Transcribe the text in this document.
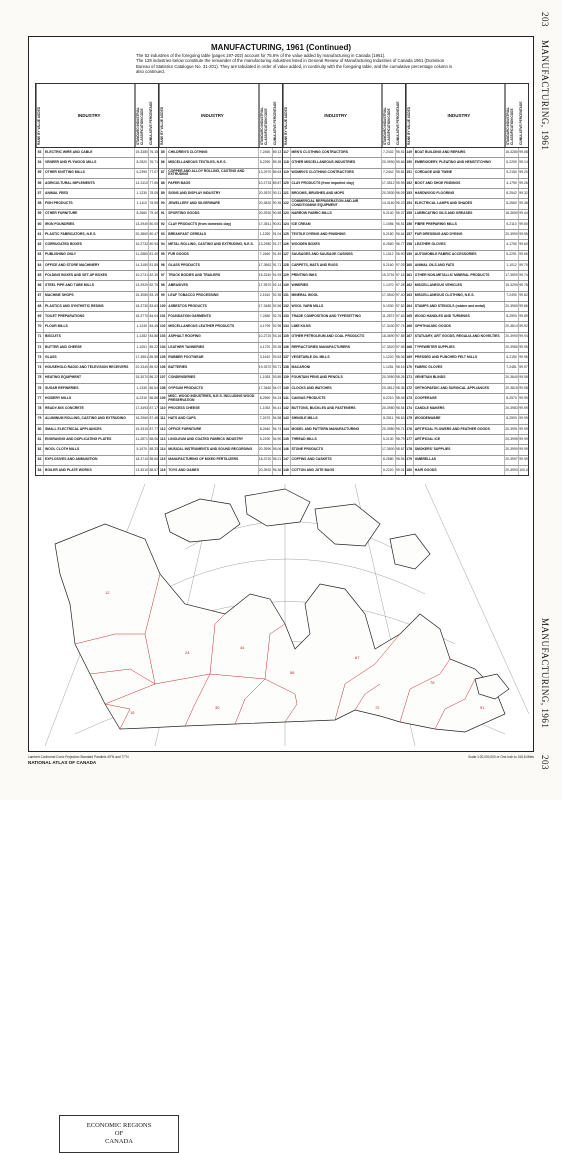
203
MANUFACTURING, 1961
MANUFACTURING, 1961
203
MANUFACTURING, 1961 (Continued)

The 52 industries of the foregoing table (pages 197-202) account for 75.6% of the value added by manufacturing in Canada (1961).

The 128 industries below constitute the remainder of the manufacturing industries listed in General Review of Manufacturing Industries of Canada 1961 (Dominion Bureau of Statistics Catalogue No. 31-201). They are tabulated in order of value added, in continuity with the foregoing table, and the cumulative percentage column is also continued.

RANK BY VALUE ADDED	INDUSTRY	STANDARD INDUSTRIAL CLASSIFICATION CODE	CUMULATIVE PERCENTAGE
53	ELECTRIC WIRE AND CABLE	19-3380 76.15
54	VENEER AND PLYWOOD MILLS	8-2520 76.71
55	OTHER KNITTING MILLS	6-2390 77.07
56	AGRICULTURAL IMPLEMENTS	14-3110 77.65
57	ANIMAL FEED	1-1230 78.05
58	FISH PRODUCTS	1-1110 78.55
59	OTHER FURNITURE	8-2660 79.40
60	IRON FOUNDRIES	13-2940 80.00
61	PLASTIC FABRICATORS, N.E.S.	20-3860 80.47
62	CORRUGATED BOXES	10-2732 80.94
63	PUBLISHING ONLY	11-2880 81.40
64	OFFICE AND STORE MACHINERY	14-3180 81.85
65	FOLDING BOXES AND SET-UP BOXES	10-2731 82.30
66	STEEL PIPE AND TUBE MILLS	13-2920 82.75
67	MACHINE SHOPS	15-3080 83.19
68	PLASTICS AND SYNTHETIC RESINS	18-3730 83.63
69	TOILET PREPARATIONS	18-3770 84.04
70	FLOUR MILLS	1-1240 84.45
71	BISCUITS	1-1282 84.86
72	BUTTER AND CHEESE	1-1051 85.22
73	GLASS	17-3561 85.58
74	HOUSEHOLD RADIO AND TELEVISION RECEIVERS	20-3340 85.92
75	HEATING EQUIPMENT	15-3070 86.22
76	SUGAR REFINERIES	1-1330 86.54
77	HOSIERY MILLS	6-2310 86.86
78	READY-MIX CONCRETE	17-3493 87.17
79	ALUMINUM ROLLING, CASTING AND EXTRUDING	16-2960 87.48
80	SMALL ELECTRICAL APPLIANCES	19-3310 87.77
81	ENGRAVING AND DUPLICATING PLATES	11-2871 88.06
82	WOOL CLOTH MILLS	5-1970 88.33
83	EXPLOSIVES AND AMMUNITION	18-3710 88.60
84	BOILER AND PLATE WORKS	13-3010 88.87
RANK BY VALUE ADDED	INDUSTRY	STANDARD INDUSTRIAL CLASSIFICATION CODE	CUMULATIVE PERCENTAGE
85	CHILDREN'S CLOTHING	7-2450 89.13
86	MISCELLANEOUS TEXTILES, N.E.S.	5-2290 89.39
87	COPPER AND ALLOY ROLLING, CASTING AND EXTRUDING	13-2970 89.63
88	PAPER BAGS	10-2733 89.87
89	SIGNS AND DISPLAY INDUSTRY	20-3970 90.11
90	JEWELLERY AND SILVERWARE	20-3820 90.35
91	SPORTING GOODS	20-3930 90.58
92	CLAY PRODUCTS (from domestic clay)	17-3511 90.81
93	BREAKFAST CEREALS	1-1250 91.04
94	METAL ROLLING, CASTING AND EXTRUDING, N.E.S.	13-2980 91.27
95	FUR GOODS	7-2460 91.49
96	GLASS PRODUCTS	17-3562 91.71
97	TRUCK BODIES AND TRAILERS	15-3240 91.93
98	ABRASIVES	17-3570 92.14
99	LEAF TOBACCO PROCESSING	2-1510 92.35
100 ASBESTOS PRODUCTS	17-3480 92.56
101 FOUNDATION GARMENTS	7-2480 92.76
102 MISCELLANEOUS LEATHER PRODUCTS	4-1799 92.96
103 ASPHALT ROOFING	10-2720 93.16
104 LEATHER TANNERIES	4-1720 93.35
105 RUBBER FOOTWEAR	3-1610 93.53
106 BATTERIES	19-3370 93.71
107 CONDENSERIES	1-1053 93.89
108 GYPSUM PRODUCTS	17-3460 94.07
109 MISC. WOOD INDUSTRIES, N.E.S. INCLUDING WOOD PRESERVATION	8-2590 94.24
110 PROCESS CHEESE	1-1052 94.41
111 HATS AND CAPS	7-2470 94.58
112 OFFICE FURNITURE	8-2640 94.74
113 LINOLEUM AND COATED FABRICS INDUSTRY	5-2190 94.90
114 MUSICAL INSTRUMENTS AND SOUND RECORDING	20-3990 95.06
115 MANUFACTURING OF MIXED FERTILIZERS	18-3720 95.21
116 TOYS AND GAMES	20-3932 95.36
RANK BY VALUE ADDED	INDUSTRY	STANDARD INDUSTRIAL CLASSIFICATION CODE	CUMULATIVE PERCENTAGE
117 MEN'S CLOTHING CONTRACTORS	7-2432 95.51
118 OTHER MISCELLANEOUS INDUSTRIES	20-3990 95.66
119 WOMEN'S CLOTHING CONTRACTORS	7-2442 95.81
120 CLAY PRODUCTS (from imported clay)	17-3512 95.95
121 BROOMS, BRUSHES AND MOPS	20-3930 96.09
122 COMMERCIAL REFRIGERATION AND AIR CONDITIONING EQUIPMENT	14-3160 96.23
123 NARROW FABRIC MILLS	5-2140 96.37
124 ICE CREAM	1-1056 96.51
125 TEXTILE DYEING AND FINISHING	5-2180 96.64
126 WOODEN BOXES	8-2560 96.77
127 SAUSAGES AND SAUSAGE CASINGS	1-1012 96.90
128 CARPETS, MATS AND RUGS	5-2160 97.03
129 PRINTING INKS	19-3791 97.16
130 WINERIES	1-1470 97.28
131 MINERAL WOOL	17-3540 97.40
132 WOOL YARN MILLS	5-1930 97.52
133 TRADE COMPOSITION AND TYPESETTING	11-2872 97.63
134 LIME KILNS	17-3430 97.74
135 OTHER PETROLEUM AND COAL PRODUCTS	18-3690 97.85
136 REFRACTORIES MANUFACTURERS	17-3520 97.96
137 VEGETABLE OIL MILLS	1-1220 98.06
138 MACARONI	1-1281 98.16
139 FOUNTAIN PENS AND PENCILS	20-3950 98.26
140 CLOCKS AND WATCHES	20-3812 98.36
141 CANVAS PRODUCTS	5-2210 98.45
142 BUTTONS, BUCKLES AND FASTENERS	20-3980 98.54
143 SHINGLE MILLS	8-2511 98.63
144 MODEL AND PATTERN MANUFACTURING	20-3980 98.71
145 THREAD MILLS	5-2130 98.79
146 STONE PRODUCTS	17-3500 98.87
147 COFFINS AND CASKETS	8-2580 98.94
148 COTTON AND JUTE BAGS	5-2220 99.01
RANK BY VALUE ADDED	INDUSTRY	STANDARD INDUSTRIAL CLASSIFICATION CODE	CUMULATIVE PERCENTAGE
149 BOAT BUILDING AND REPAIRS	15-3280 99.08
150 EMBROIDERY, PLEATING AND HEMSTITCHING	5-2290 99.14
151 CORDAGE AND TWINE	5-2150 99.20
152 BOOT AND SHOE FINDINGS	4-1790 99.26
153 HARDWOOD FLOORING	8-2542 99.32
154 ELECTRICAL LAMPS AND SHADES	8-2660 99.38
155 LUBRICATING OILS AND GREASES	18-3650 99.44
156 FIBRE PREPARING MILLS	5-2110 99.50
157 FUR DRESSING AND DYEING	20-3990 99.55
158 LEATHER GLOVES	4-1750 99.60
159 AUTOMOBILE FABRIC ACCESSORIES	5-2291 99.65
160 ANIMAL OILS AND FATS	1-1012 99.70
161 OTHER NON-METALLIC MINERAL PRODUCTS	17-3590 99.74
162 MISCELLANEOUS VEHICLES	15-3290 99.78
163 MISCELLANEOUS CLOTHING, N.E.S.	7-2490 99.82
164 STAMPS AND STENCILS (rubber and metal)	20-3960 99.86
165 WOOD HANDLES AND TURNINGS	8-2593 99.89
166 OPHTHALMIC GOODS	20-3814 99.92
167 STATUARY, ART GOODS, REGALIA AND NOVELTIES	20-3990 99.94
168 TYPEWRITER SUPPLIES	20-3980 99.95
169 PRESSED AND PUNCHED FELT MILLS	5-2150 99.96
170 FABRIC GLOVES	7-2481 99.97
171 VENETIAN BLINDS	20-3840 99.98
172 ORTHOPAEDIC AND SURGICAL APPLIANCES	20-3815 99.98
173 COOPERAGE	8-2570 99.99
174 CANDLE MAKERS	20-3983 99.99
175 WOODENWARE	8-2593 99.99
176 ARTIFICIAL FLOWERS AND FEATHER GOODS	20-3991 99.99
177 ARTIFICIAL ICE	20-3995 99.99
178 SMOKERS' SUPPLIES	20-3990 99.99
179 UMBRELLAS	20-3997 99.99
180 HAIR GOODS	20-3993 100.0
12
24
44
58
67
78
91
15
30	72
ECONOMIC REGIONS
OF
CANADA
Lambert Conformal Conic Projection Standard Parallels 49°N and 77°N
NATIONAL ATLAS OF CANADA
Scale 1:20,000,000 or One Inch to 315.6 Miles
